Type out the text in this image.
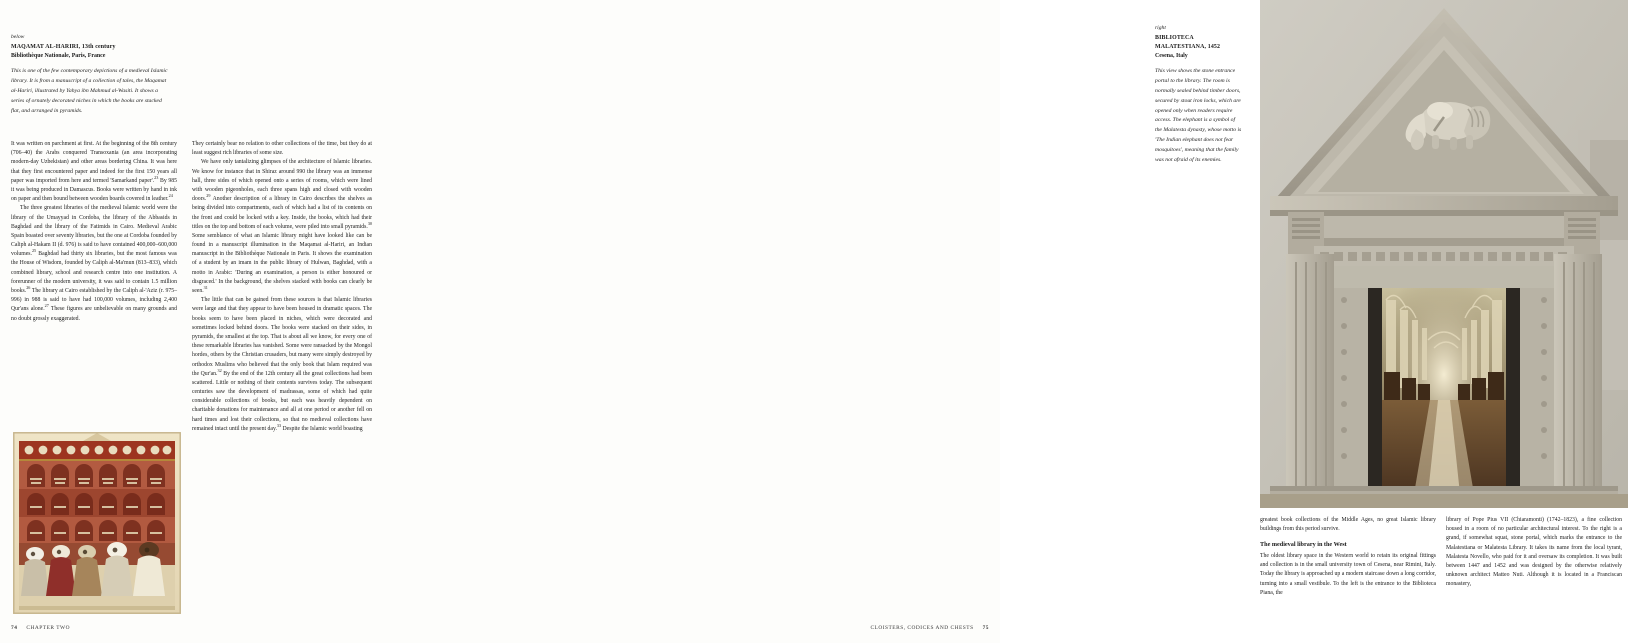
below
MAQAMAT AL-HARIRI, 13th century
Bibliothèque Nationale, Paris, France
This is one of the few contemporary depictions of a medieval Islamic library. It is from a manuscript of a collection of tales, the Maqamat al-Hariri, illustrated by Yahya ibn Mahmud al-Wasiti. It shows a series of ornately decorated niches in which the books are stacked flat, and arranged in pyramids.

It was written on parchment at first. At the beginning of the 8th century (706–40) the Arabs conquered Transoxania (an area incorporating modern-day Uzbekistan) and other areas bordering China. It was here that they first encountered paper and indeed for the first 150 years all paper was imported from here and termed 'Samarkand paper'.$^{23}$ By 985 it was being produced in Damascus. Books were written by hand in ink on paper and then bound between wooden boards covered in leather.$^{24}$

The three greatest libraries of the medieval Islamic world were the library of the Umayyad in Cordoba, the library of the Abbasids in Baghdad and the library of the Fatimids in Cairo. Medieval Arabic Spain boasted over seventy libraries, but the one at Cordoba founded by Caliph al-Hakam II (d. 976) is said to have contained 400,000–600,000 volumes.$^{25}$ Baghdad had thirty six libraries, but the most famous was the House of Wisdom, founded by Caliph al-Ma'mun (813–833), which combined library, school and research centre into one institution. A forerunner of the modern university, it was said to contain 1.5 million books.$^{26}$ The library at Cairo established by the Caliph al-'Aziz (r. 975–996) in 988 is said to have had 100,000 volumes, including 2,400 Qur'ans alone.$^{27}$ These figures are unbelievable on many grounds and no doubt grossly exaggerated.

They certainly bear no relation to other collections of the time, but they do at least suggest rich libraries of some size.

We have only tantalizing glimpses of the architecture of Islamic libraries. We know for instance that in Shiraz around 990 the library was an immense hall, three sides of which opened onto a series of rooms, which were lined with wooden pigeonholes, each three spans high and closed with wooden doors.$^{29}$ Another description of a library in Cairo describes the shelves as being divided into compartments, each of which had a list of its contents on the front and could be locked with a key. Inside, the books, which had their titles on the top and bottom of each volume, were piled into small pyramids.$^{30}$ Some semblance of what an Islamic library might have looked like can be found in a manuscript illumination in the Maqamat al-Hariri, an Indian manuscript in the Bibliothèque Nationale in Paris. It shows the examination of a student by an imam in the public library of Hulwan, Baghdad, with a motto in Arabic: 'During an examination, a person is either honoured or disgraced.' In the background, the shelves stacked with books can clearly be seen.$^{31}$

The little that can be gained from these sources is that Islamic libraries were large and that they appear to have been housed in dramatic spaces. The books seem to have been placed in niches, which were decorated and sometimes locked behind doors. The books were stacked on their sides, in pyramids, the smallest at the top. That is about all we know, for every one of these remarkable libraries has vanished. Some were ransacked by the Mongol hordes, others by the Christian crusaders, but many were simply destroyed by orthodox Muslims who believed that the only book that Islam required was the Qur'an.$^{32}$ By the end of the 12th century all the great collections had been scattered. Little or nothing of their contents survives today. The subsequent centuries saw the development of madrassas, some of which had quite considerable collections of books, but each was heavily dependent on charitable donations for maintenance and all at one period or another fell on hard times and lost their collections, so that no medieval collections have remained intact until the present day.$^{33}$ Despite the Islamic world boasting

74 CHAPTER TWO
right
BIBLIOTECA
MALATESTIANA, 1452
Cesena, Italy
This view shows the stone entrance portal to the library. The room is normally sealed behind timber doors, secured by stout iron locks, which are opened only when readers require access. The elephant is a symbol of the Malatesta dynasty, whose motto is 'The Indian elephant does not fear mosquitoes', meaning that the family was not afraid of its enemies.

greatest book collections of the Middle Ages, no great Islamic library buildings from this period survive.

The medieval library in the West

The oldest library space in the Western world to retain its original fittings and collection is in the small university town of Cesena, near Rimini, Italy. Today the library is approached up a modern staircase down a long corridor, turning into a small vestibule. To the left is the entrance to the Biblioteca Piana, the

library of Pope Pius VII (Chiaramonti) (1742–1823), a fine collection housed in a room of no particular architectural interest. To the right is a grand, if somewhat squat, stone portal, which marks the entrance to the Malatestiana or Malatesta Library. It takes its name from the local tyrant, Malatesta Novello, who paid for it and oversaw its completion. It was built between 1447 and 1452 and was designed by the otherwise relatively unknown architect Matteo Nuti. Although it is located in a Franciscan monastery,

CLOISTERS, CODICES AND CHESTS 75
